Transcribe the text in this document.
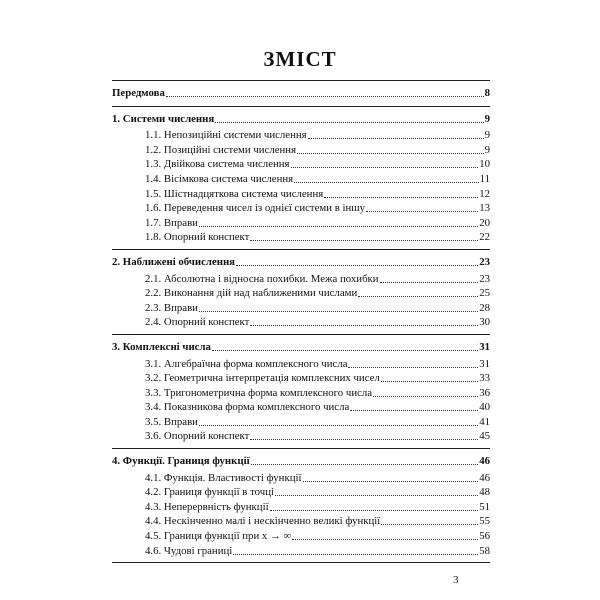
ЗМІСТ
Передмова	8
1. Системи числення	9
1.1. Непозиційні системи числення	9
1.2. Позиційні системи числення	9
1.3. Двійкова система числення	10
1.4. Вісімкова система числення	11
1.5. Шістнадцяткова система числення	12
1.6. Переведення чисел із однієї системи в іншу	13
1.7. Вправи	20
1.8. Опорний конспект	22
2. Наближені обчислення	23
2.1. Абсолютна і відносна похибки. Межа похибки	23
2.2. Виконання дій над наближеними числами	25
2.3. Вправи	28
2.4. Опорний конспект	30
3. Комплексні числа	31
3.1. Алгебраїчна форма комплексного числа	31
3.2. Геометрична інтерпретація комплексних чисел	33
3.3. Тригонометрична форма комплексного числа	36
3.4. Показникова форма комплексного числа	40
3.5. Вправи	41
3.6. Опорний конспект	45
4. Функції. Границя функції	46
4.1. Функція. Властивості функції	46
4.2. Границя функції в точці	48
4.3. Неперервність функції	51
4.4. Нескінченно малі і нескінченно великі функції	55
4.5. Границя функції при x → ∞	56
4.6. Чудові границі	58
3
